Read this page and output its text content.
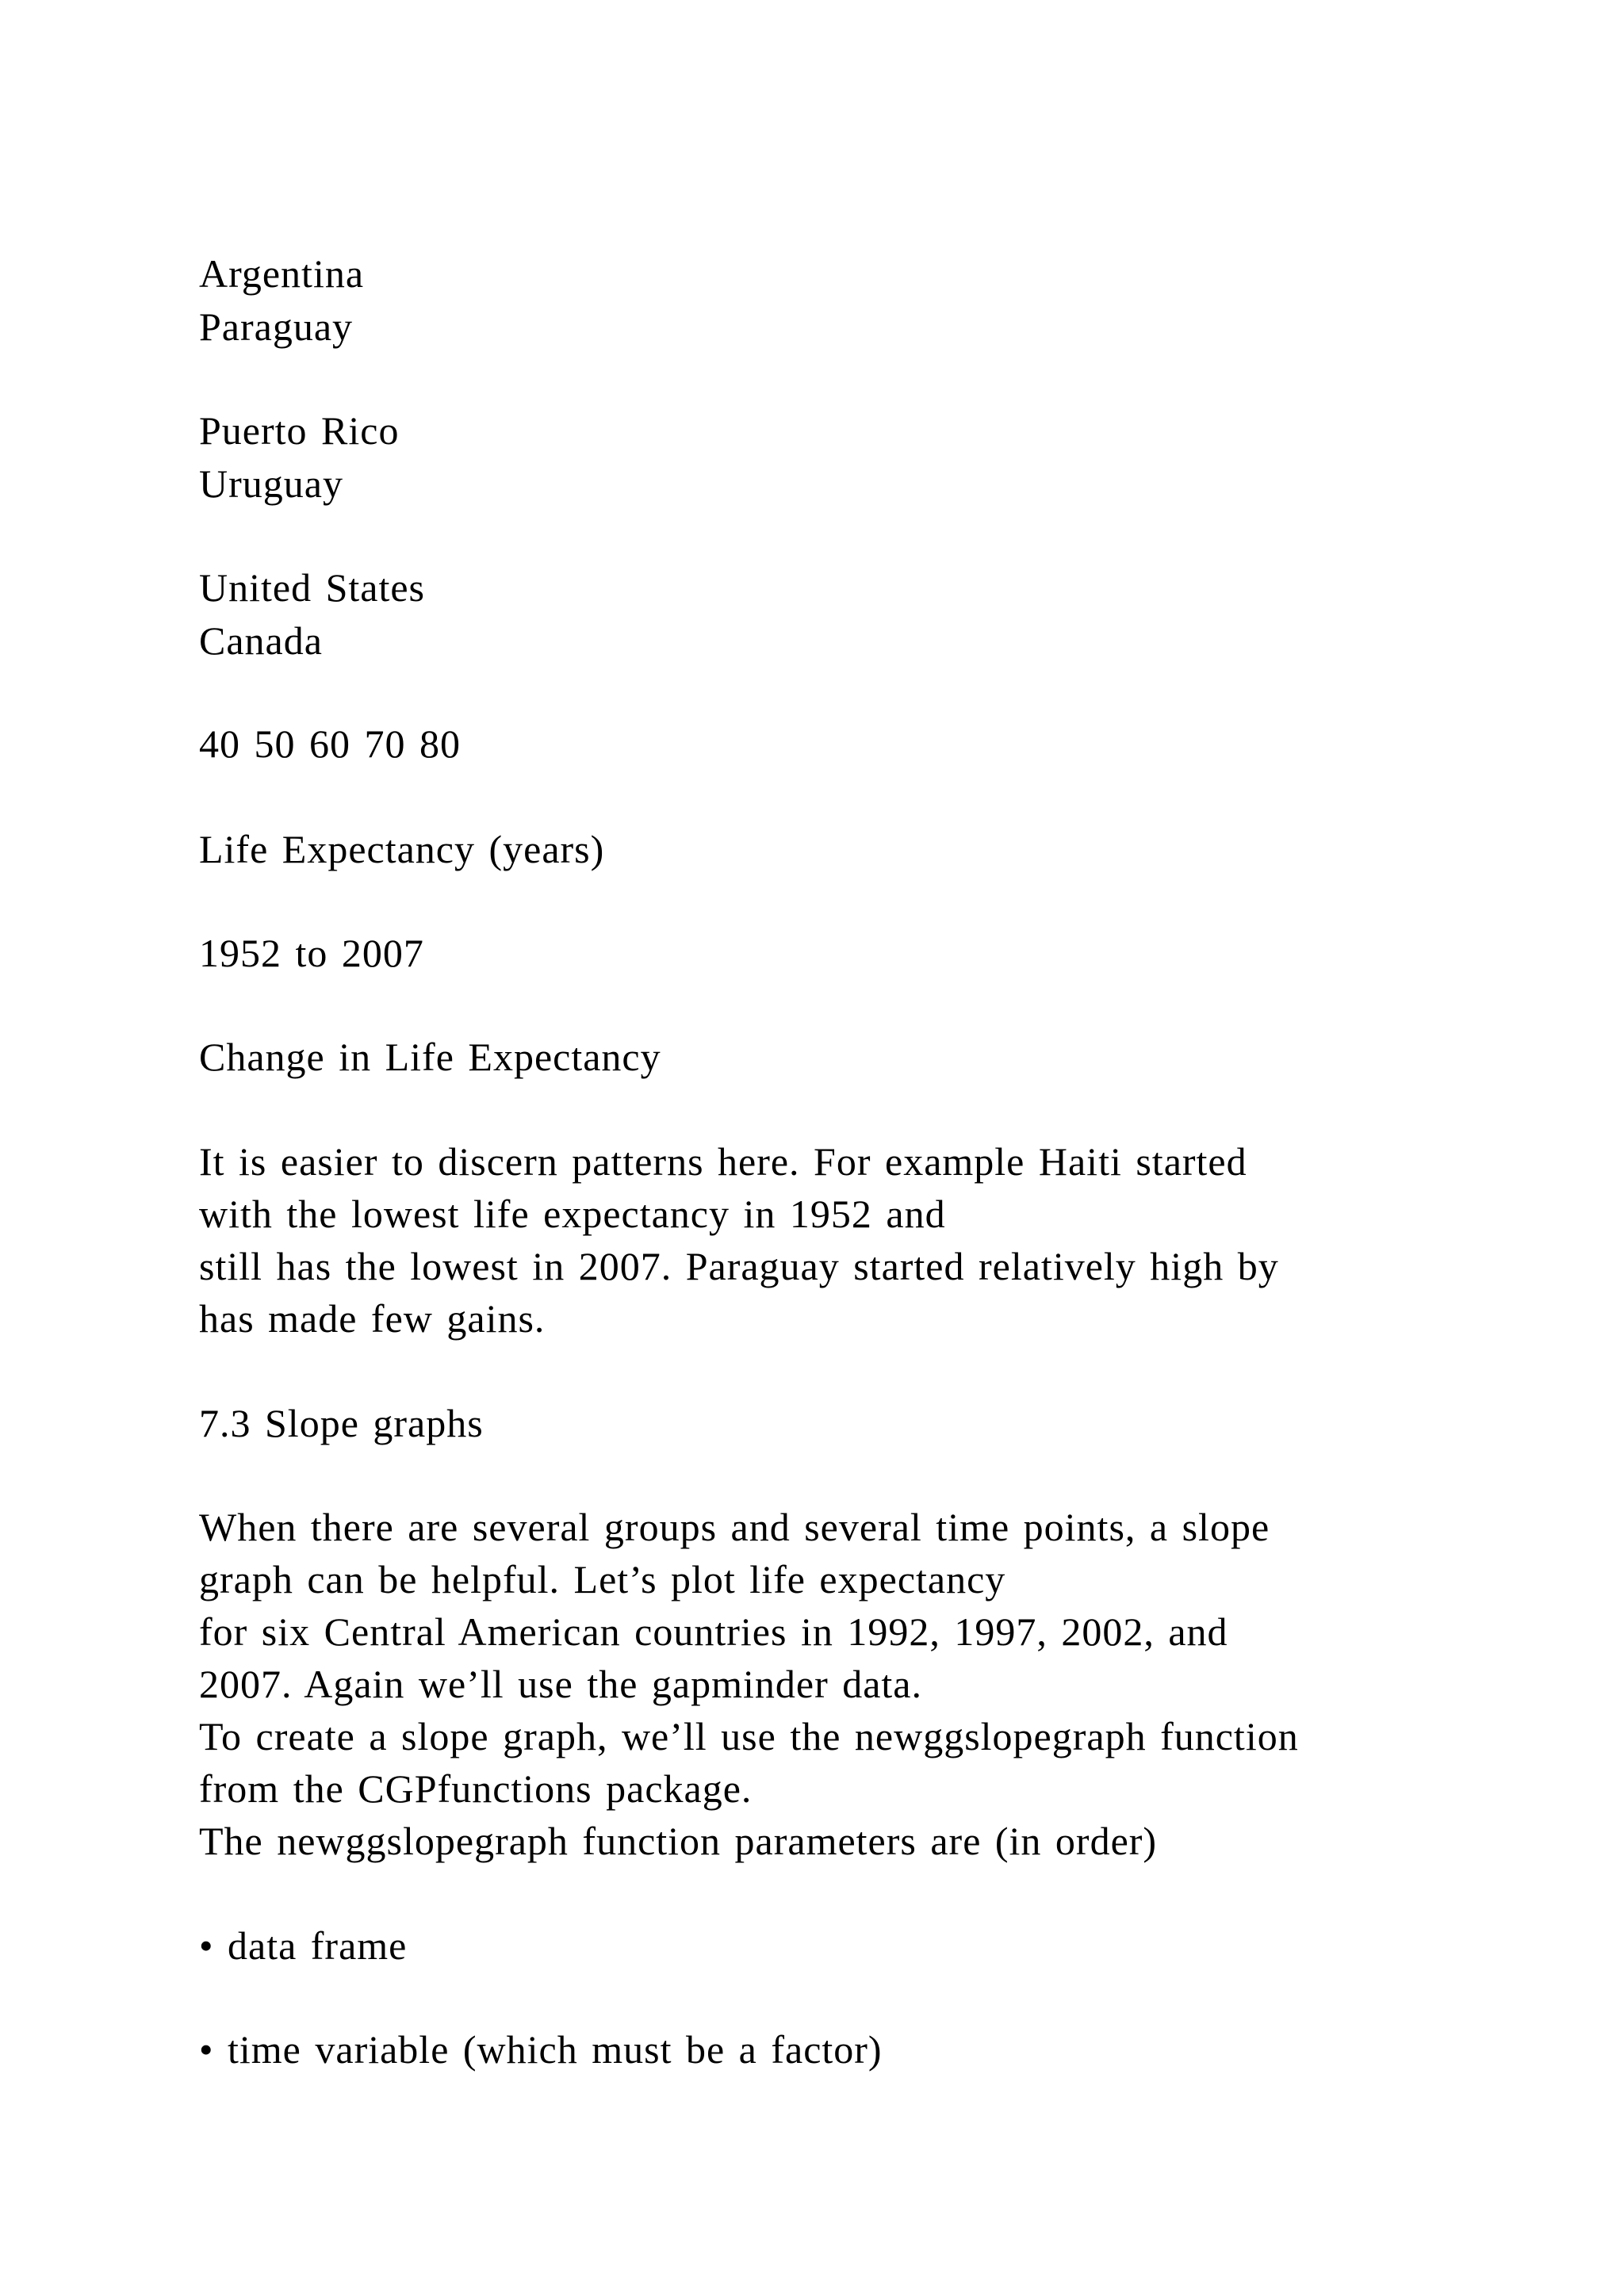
Argentina

Paraguay

Puerto Rico

Uruguay

United States

Canada

40 50 60 70 80

Life Expectancy (years)

1952 to 2007

Change in Life Expectancy

It is easier to discern patterns here. For example Haiti started

with the lowest life expectancy in 1952 and

still has the lowest in 2007. Paraguay started relatively high by

has made few gains.

7.3 Slope graphs

When there are several groups and several time points, a slope

graph can be helpful. Let’s plot life expectancy

for six Central American countries in 1992, 1997, 2002, and

2007. Again we’ll use the gapminder data.

To create a slope graph, we’ll use the newggslopegraph function

from the CGPfunctions package.

The newggslopegraph function parameters are (in order)

• data frame

• time variable (which must be a factor)
